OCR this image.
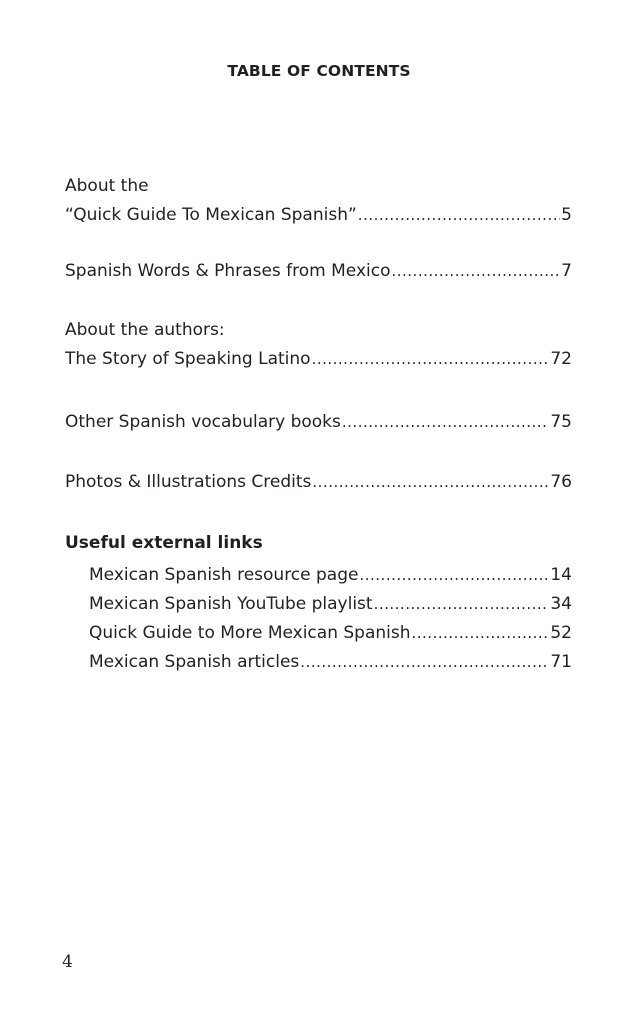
TABLE OF CONTENTS
About the
“Quick Guide To Mexican Spanish” .....	5
Spanish Words & Phrases from Mexico .....	7
About the authors:
The Story of Speaking Latino .....	72
Other Spanish vocabulary books .....	75
Photos & Illustrations Credits .....	76
Useful external links
Mexican Spanish resource page .....	14
Mexican Spanish YouTube playlist .....	34
Quick Guide to More Mexican Spanish .....	52
Mexican Spanish articles .....	71
4
